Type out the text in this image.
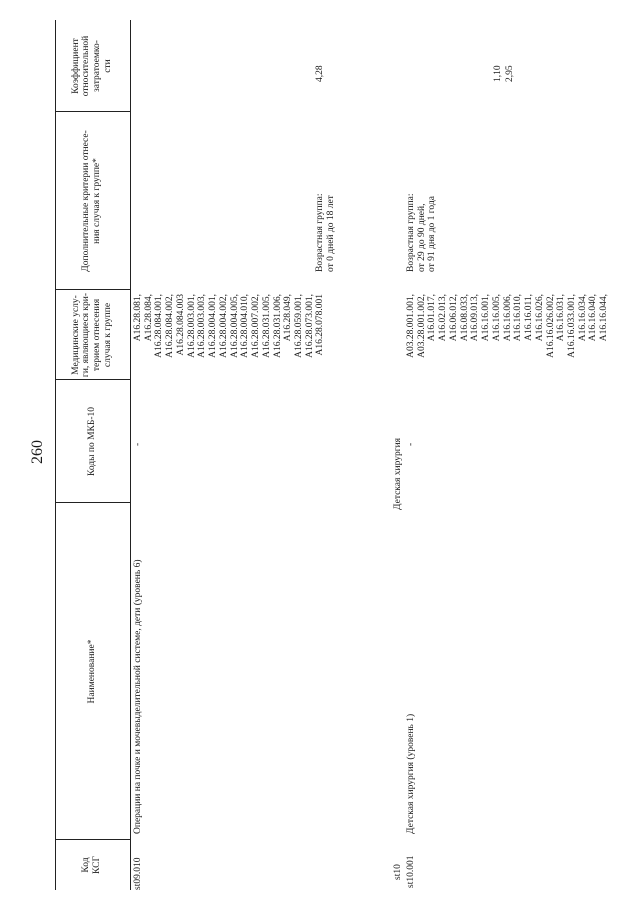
260
Код
КСГ
Наименование*
Коды по МКБ-10
Медицинские услу-
ги, являющиеся кри-
терием отнесения
случая к группе
Дополнительные критерии отнесе-
ния случая к группе*
Коэффициент
относительной
затратоемко-
сти
st09.010
Операции на почке и мочевыделительной системе, дети (уровень 6)
-
A16.28.081,
A16.28.084,
A16.28.084.001,
A16.28.084.002,
A16.28.084.003
A16.28.003.001,
A16.28.003.003,
A16.28.004.001,
A16.28.004.002,
A16.28.004.005,
A16.28.004.010,
A16.28.007.002,
A16.28.031.005,
A16.28.031.006,
A16.28.049,
A16.28.059.001,
A16.28.073.001,
A16.28.078.001
Возрастная группа:
от 0 дней до 18 лет
4,28
st10
Детская хирургия
1,10
st10.001
Детская хирургия (уровень 1)
-
A03.28.001.001,
A03.28.001.002,
A16.01.017,
A16.02.013,
A16.06.012,
A16.08.033,
A16.09.013,
A16.16.001,
A16.16.005,
A16.16.006,
A16.16.010,
A16.16.011,
A16.16.026,
A16.16.026.002,
A16.16.031,
A16.16.033.001,
A16.16.034,
A16.16.040,
A16.16.044,
Возрастная группа:
от 29 до 90 дней,
от 91 дня до 1 года
2,95
